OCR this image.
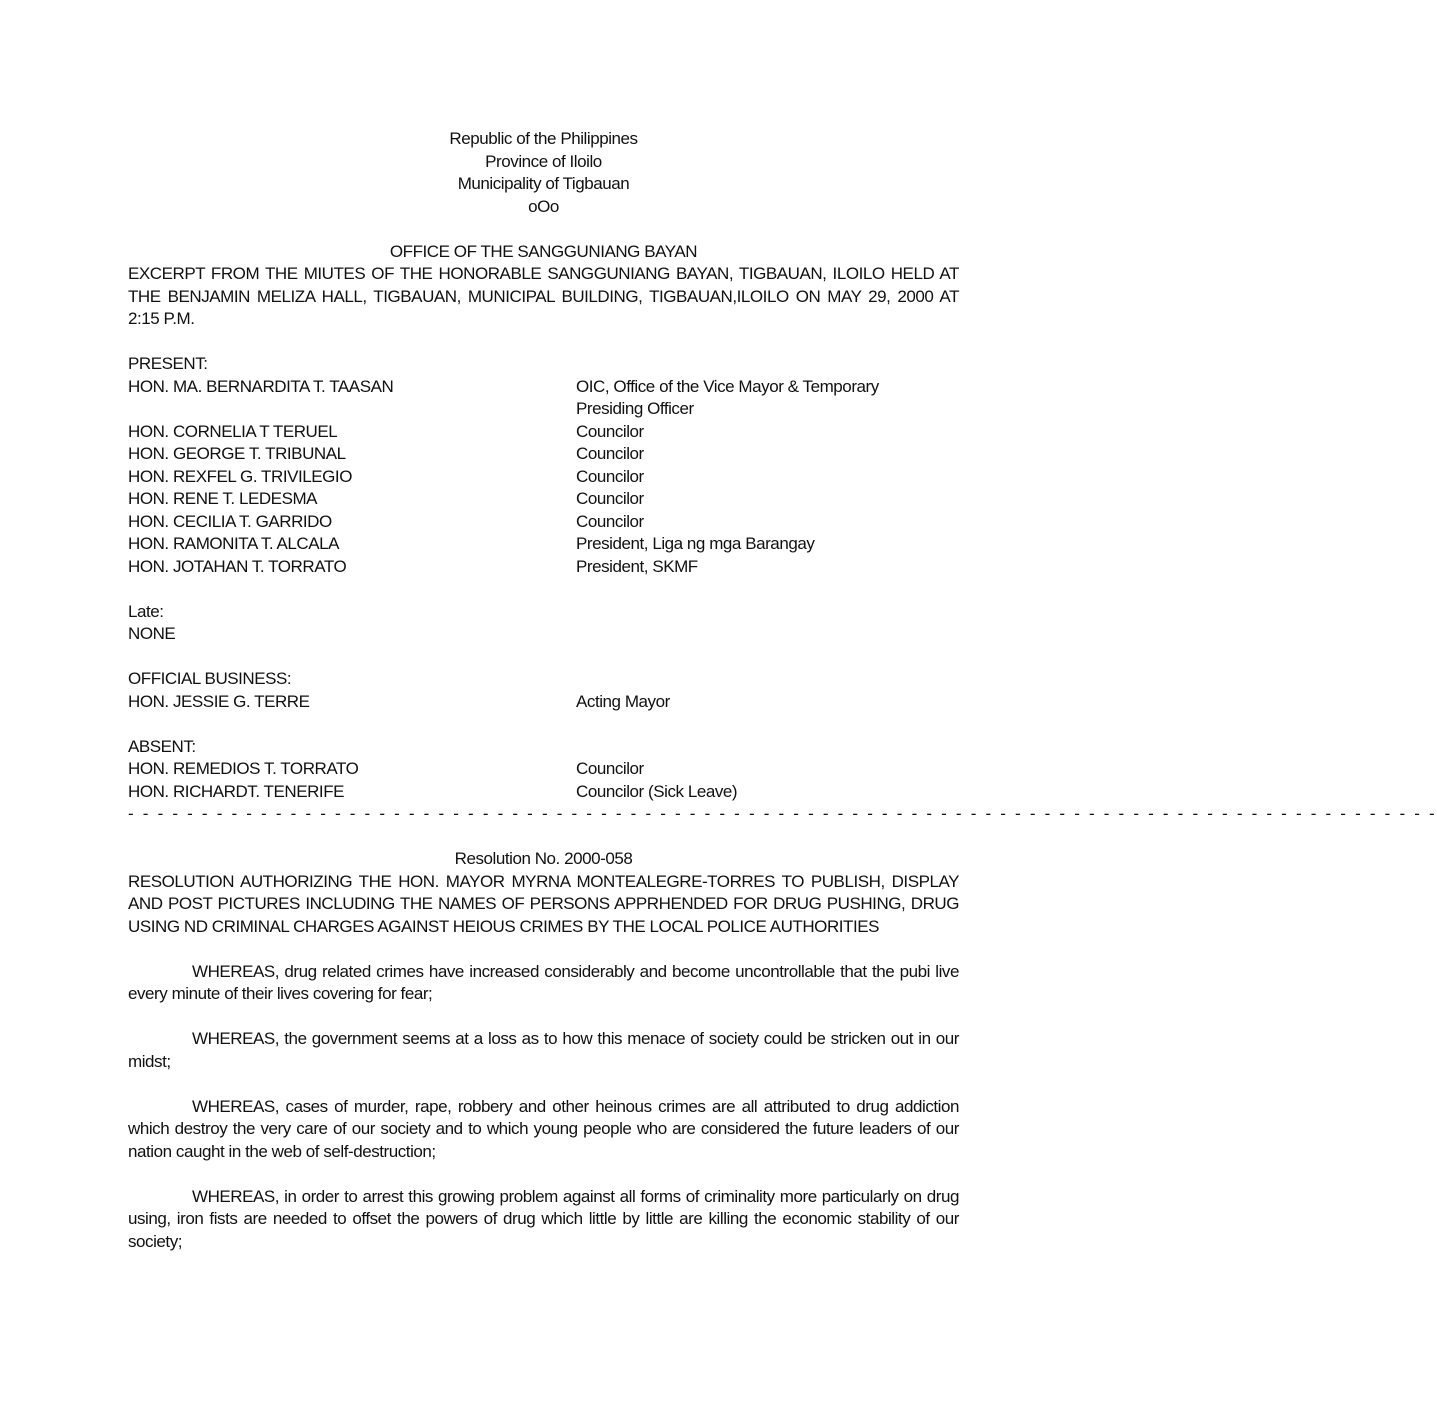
Republic of the Philippines
Province of Iloilo
Municipality of Tigbauan
oOo
OFFICE OF THE SANGGUNIANG BAYAN
EXCERPT FROM THE MIUTES OF THE HONORABLE SANGGUNIANG BAYAN, TIGBAUAN, ILOILO HELD AT THE BENJAMIN MELIZA HALL, TIGBAUAN, MUNICIPAL BUILDING, TIGBAUAN,ILOILO ON MAY 29, 2000 AT 2:15 P.M.
PRESENT:
HON. MA. BERNARDITA T. TAASAN	OIC, Office of the Vice Mayor & Temporary
Presiding Officer
HON. CORNELIA T TERUEL	Councilor
HON. GEORGE T. TRIBUNAL	Councilor
HON. REXFEL G. TRIVILEGIO	Councilor
HON. RENE T. LEDESMA	Councilor
HON. CECILIA T. GARRIDO	Councilor
HON. RAMONITA T. ALCALA	President, Liga ng mga Barangay
HON. JOTAHAN T. TORRATO	President, SKMF
Late:
NONE
OFFICIAL BUSINESS:
HON. JESSIE G. TERRE	Acting Mayor
ABSENT:
HON. REMEDIOS T. TORRATO	Councilor
HON. RICHARDT. TENERIFE	Councilor (Sick Leave)
- - - - - - - - - - - - - - - - - - - - - - - - - - - - - - - - - - - - - - - - - - - - - - - - - - - - - - - - - - - - - - - - - - - - - - - - - - - - - - - - - - - - - - - - -
Resolution No. 2000-058
RESOLUTION AUTHORIZING THE HON. MAYOR MYRNA MONTEALEGRE-TORRES TO PUBLISH, DISPLAY AND POST PICTURES INCLUDING THE NAMES OF PERSONS APPRHENDED FOR DRUG PUSHING, DRUG USING ND CRIMINAL CHARGES AGAINST HEIOUS CRIMES BY THE LOCAL POLICE AUTHORITIES
WHEREAS, drug related crimes have increased considerably and become uncontrollable that the pubi live every minute of their lives covering for fear;
WHEREAS, the government seems at a loss as to how this menace of society could be stricken out in our midst;
WHEREAS, cases of murder, rape, robbery and other heinous crimes are all attributed to drug addiction which destroy the very care of our society and to which young people who are considered the future leaders of our nation caught in the web of self-destruction;
WHEREAS, in order to arrest this growing problem against all forms of criminality more particularly on drug using, iron fists are needed to offset the powers of drug which little by little are killing the economic stability of our society;
